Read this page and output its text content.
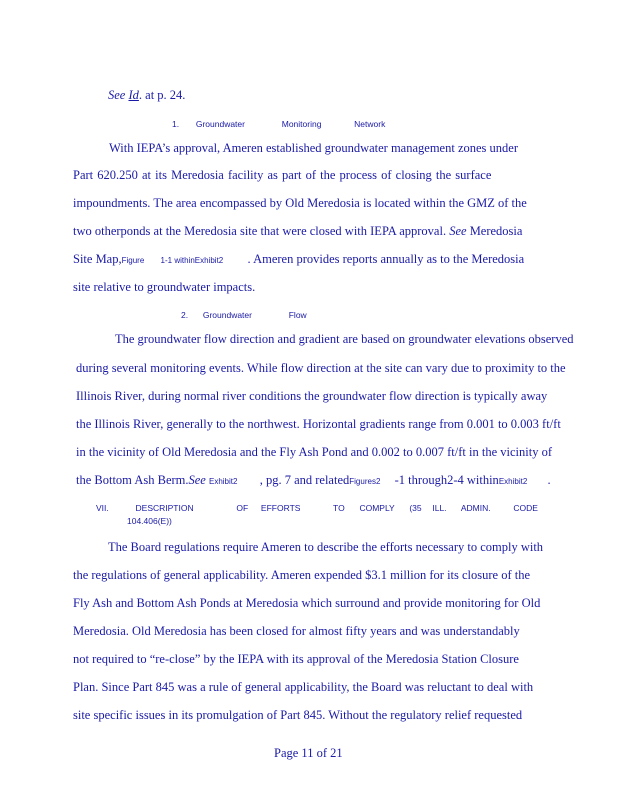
See Id. at p. 24.
1. Groundwater	Monitoring	Network
With IEPA’s approval, Ameren established groundwater management zones under
Part 620.250 at its Meredosia facility as part of the process of closing the surface
impoundments. The area encompassed by Old Meredosia is located within the GMZ of the
two otherponds at the Meredosia site that were closed with IEPA approval. See Meredosia
Site Map,Figure 1-1 withinExhibit2 . Ameren provides reports annually as to the Meredosia
site relative to groundwater impacts.
2. Groundwater	Flow
The groundwater flow direction and gradient are based on groundwater elevations observed
during several monitoring events. While flow direction at the site can vary due to proximity to the
Illinois River, during normal river conditions the groundwater flow direction is typically away
the Illinois River, generally to the northwest. Horizontal gradients range from 0.001 to 0.003 ft/ft
in the vicinity of Old Meredosia and the Fly Ash Pond and 0.002 to 0.007 ft/ft in the vicinity of
the Bottom Ash Berm.See Exhibit2 , pg. 7 and relatedFigures2 -1 through2-4 withinExhibit2 .
VII.	DESCRIPTION	OF EFFORTS	TO COMPLY (35 ILL. ADMIN.	CODE
104.406(E))
The Board regulations require Ameren to describe the efforts necessary to comply with
the regulations of general applicability. Ameren expended $3.1 million for its closure of the
Fly Ash and Bottom Ash Ponds at Meredosia which surround and provide monitoring for Old
Meredosia. Old Meredosia has been closed for almost fifty years and was understandably
not required to “re-close” by the IEPA with its approval of the Meredosia Station Closure
Plan. Since Part 845 was a rule of general applicability, the Board was reluctant to deal with
site specific issues in its promulgation of Part 845. Without the regulatory relief requested
Page 11 of 21
